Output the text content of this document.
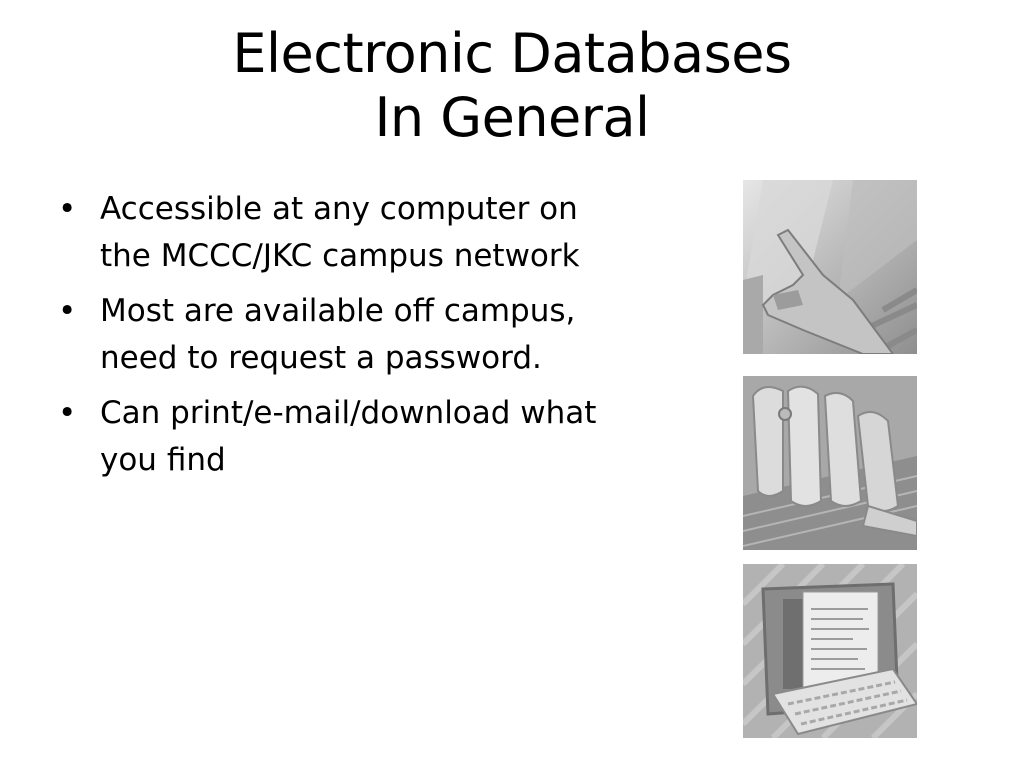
Electronic Databases
In General
• Accessible at any computer on the MCCC/JKC campus network
• Most are available off campus, need to request a password.
• Can print/e-mail/download what you find
